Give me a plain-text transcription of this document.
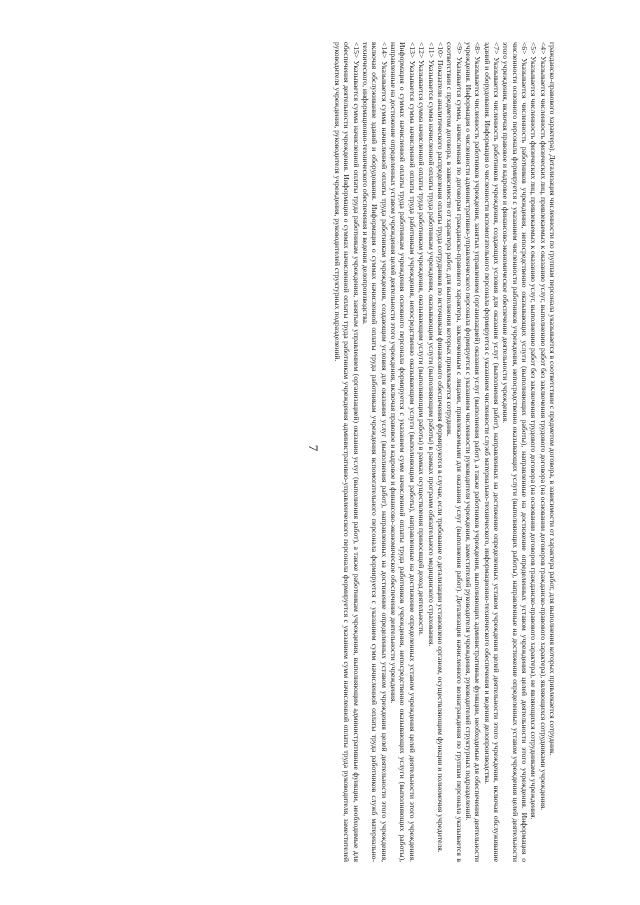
7	гражданско-правового характера). Детализация численности по группам персонала указывается в соответствии с предметом договора, в зависимости от характера работ, для выполнения которых привлекается сотрудник.

<4> Указывается численность физических лиц, привлекаемых к оказанию услуг, выполнению работ без заключения трудового договора (на основании договоров гражданско-правового характера), являющихся сотрудниками учреждения.

<5> Указывается численность физических лиц, привлекаемых к оказанию услуг, выполнению работ без заключения трудового договора (на основании договоров гражданско-правового характера), не являющихся сотрудниками учреждения.

<6> Указывается численность работников учреждения, непосредственно оказывающих услуги (выполняющих работы), направленные на достижение определенных уставом учреждения целей деятельности этого учреждения. Информация о численности основного персонала формируется с указанием численности работников учреждения, непосредственно оказывающих услуги (выполняющих работы), направленные на достижение определенных уставом учреждения целей деятельности этого учреждения, включая правовое и кадровое и финансово-экономическое обеспечение деятельности учреждения.

<7> Указывается численность работников учреждения, создающих условия для оказания услуг (выполнения работ), направленных на достижение определенных уставом учреждения целей деятельности этого учреждения, включая обслуживание зданий и оборудования. Информация о численности вспомогательного персонала формируется с указанием численности служб материально-технического, информационно-технического обеспечения и ведения делопроизводства.

<8> Указывается численность работников учреждения, занятых управлением (организацией) оказания услуг (выполнения работ), а также работников учреждения, выполняющих административные функции, необходимые для обеспечения деятельности учреждения. Информация о численности административно-управленческого персонала формируется с указанием численности руководителя учреждения, заместителей руководителя учреждения, руководителей структурных подразделений.

<9> Указывается сумма, начисленная по договорам гражданско-правового характера, заключенным с лицами, привлекаемыми для оказания услуг (выполнения работ). Детализация начисленного вознаграждения по группам персонала указывается в соответствии с предметом договора, в зависимости от характера работ, для выполнения которых привлекается сотрудник.

<10> Показатели аналитического распределения оплаты труда сотрудников по источникам финансового обеспечения формируются в случае, если требование о детализации установлено органом, осуществляющим функции и полномочия учредителя.

<11> Указывается сумма начисленной оплаты труда работникам учреждения, оказывающим услуги (выполняющим работы) в рамках программ обязательного медицинского страхования.

<12> Указывается сумма начисленной оплаты труда работникам учреждения, оказывающим услуги (выполняющим работы) в рамках осуществления приносящей доход деятельности.

<13> Указывается сумма начисленной оплаты труда работникам учреждения, непосредственно оказывающим услуги (выполняющим работы), направленные на достижение определенных уставом учреждения целей деятельности этого учреждения. Информация о суммах начисленной оплаты труда работникам учреждения основного персонала формируется с указанием сумм начисленной оплаты труда работников учреждения, непосредственно оказывающих услуги (выполняющих работы), направленные на достижение определенных уставом учреждения целей деятельности этого учреждения, включая правовое и кадровое и финансово-экономическое обеспечение деятельности учреждения.

<14> Указывается сумма начисленной оплаты труда работникам учреждения, создающим условия для оказания услуг (выполнения работ), направленных на достижение определенных уставом учреждения целей деятельности этого учреждения, включая обслуживание зданий и оборудования. Информация о суммах начисленной оплаты труда работникам учреждения вспомогательного персонала формируется с указанием сумм начисленной оплаты труда работников служб материально-технического, информационно-технического обеспечения и ведения делопроизводства.

<15> Указывается сумма начисленной оплаты труда работникам учреждения, занятым управлением (организацией) оказания услуг (выполнения работ), а также работникам учреждения, выполняющим административные функции, необходимые для обеспечения деятельности учреждения. Информация о суммах начисленной оплаты труда работникам учреждения административно-управленческого персонала формируется с указанием сумм начисленной оплаты труда руководителя, заместителей руководителя учреждения, руководителя учреждения, руководителей структурных подразделений.
